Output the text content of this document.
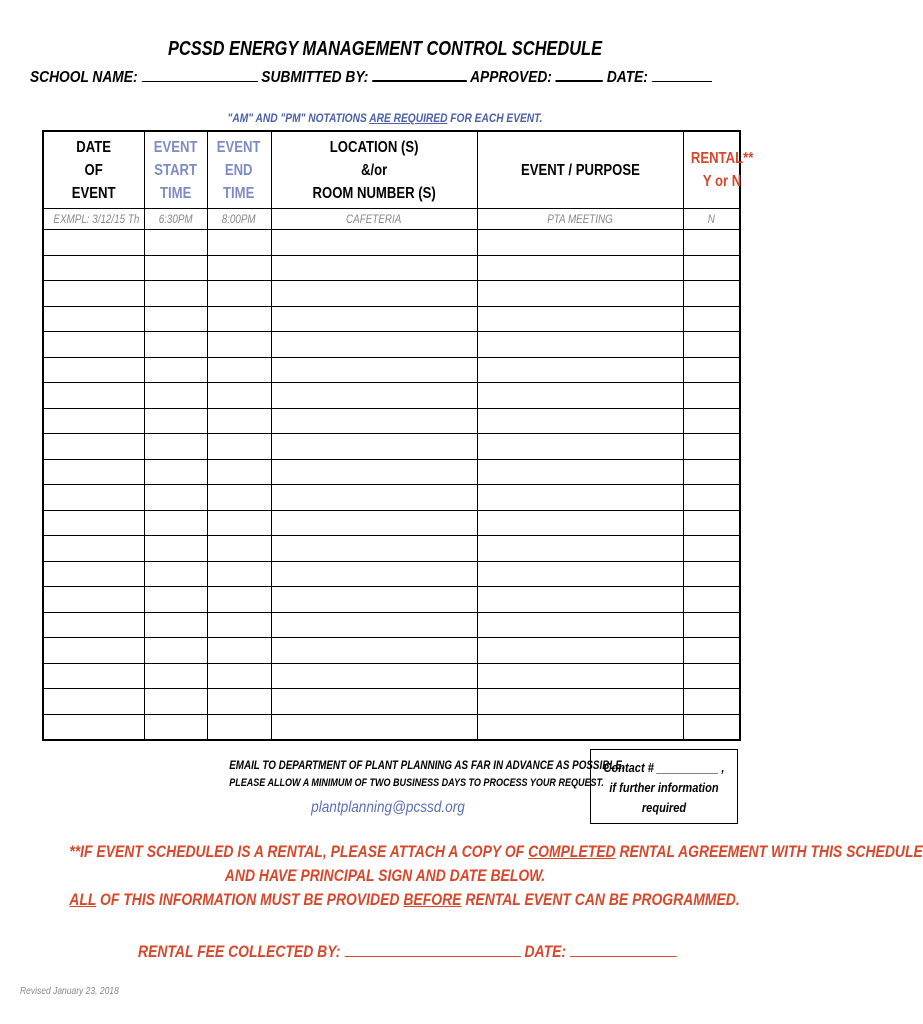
PCSSD ENERGY MANAGEMENT CONTROL SCHEDULE
SCHOOL NAME:	SUBMITTED BY:	APPROVED:	DATE:
"AM" AND "PM" NOTATIONS ARE REQUIRED FOR EACH EVENT.
DATE
OF
EVENT	EVENT
START
TIME	EVENT
END
TIME	LOCATION (S)
&/or
ROOM NUMBER (S)	EVENT / PURPOSE	RENTAL**
Y or N
EXMPL: 3/12/15 Th	6:30PM	8:00PM	CAFETERIA	PTA MEETING	N

EMAIL TO DEPARTMENT OF PLANT PLANNING AS FAR IN ADVANCE AS POSSIBLE.
PLEASE ALLOW A MINIMUM OF TWO BUSINESS DAYS TO PROCESS YOUR REQUEST.
plantplanning@pcssd.org
Contact # __________ ,
if further information
required
**IF EVENT SCHEDULED IS A RENTAL, PLEASE ATTACH A COPY OF COMPLETED RENTAL AGREEMENT WITH THIS SCHEDULE
AND HAVE PRINCIPAL SIGN AND DATE BELOW.
ALL OF THIS INFORMATION MUST BE PROVIDED BEFORE RENTAL EVENT CAN BE PROGRAMMED.
RENTAL FEE COLLECTED BY:	DATE:
Revised January 23, 2018
